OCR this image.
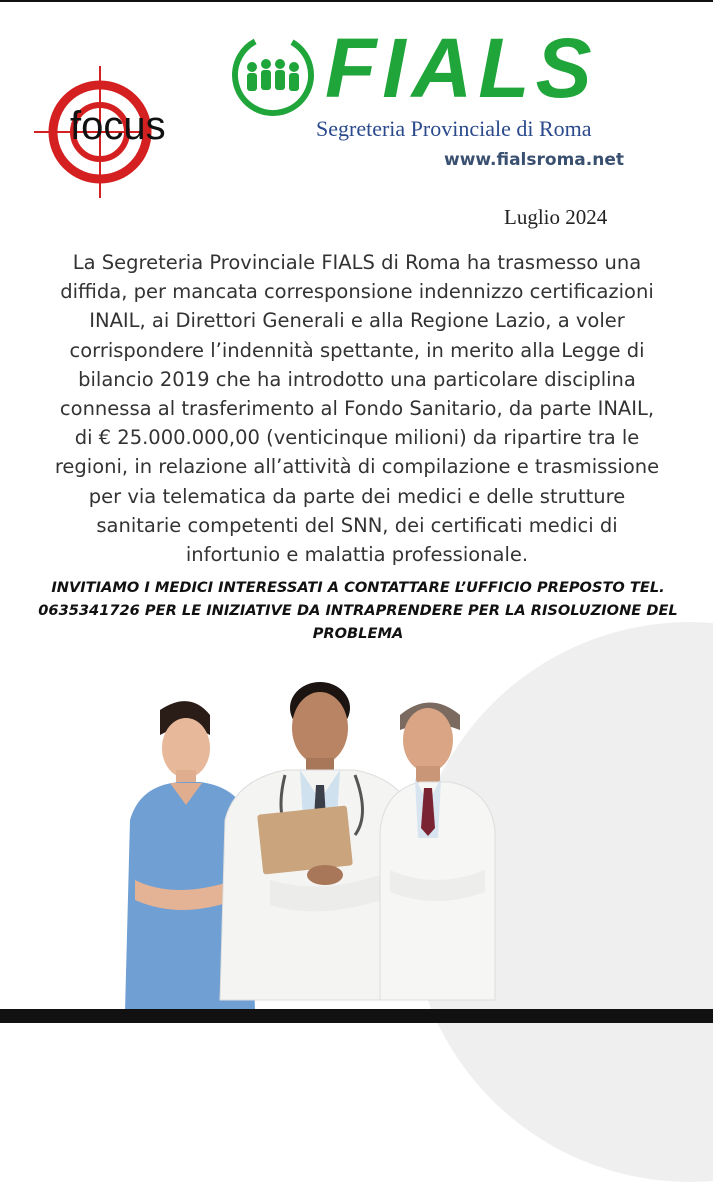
focus
FIALS
Segreteria Provinciale di Roma
www.fialsroma.net
Luglio 2024
La Segreteria Provinciale FIALS di Roma ha trasmesso una
diffida, per mancata corresponsione indennizzo certificazioni
INAIL, ai Direttori Generali e alla Regione Lazio, a voler
corrispondere l’indennità spettante, in merito alla Legge di
bilancio 2019 che ha introdotto una particolare disciplina
connessa al trasferimento al Fondo Sanitario, da parte INAIL,
di € 25.000.000,00 (venticinque milioni) da ripartire tra le
regioni, in relazione all’attività di compilazione e trasmissione
per via telematica da parte dei medici e delle strutture
sanitarie competenti del SNN, dei certificati medici di
infortunio e malattia professionale.
INVITIAMO I MEDICI INTERESSATI A CONTATTARE L’UFFICIO PREPOSTO TEL.
0635341726 PER LE INIZIATIVE DA INTRAPRENDERE PER LA RISOLUZIONE DEL
PROBLEMA
